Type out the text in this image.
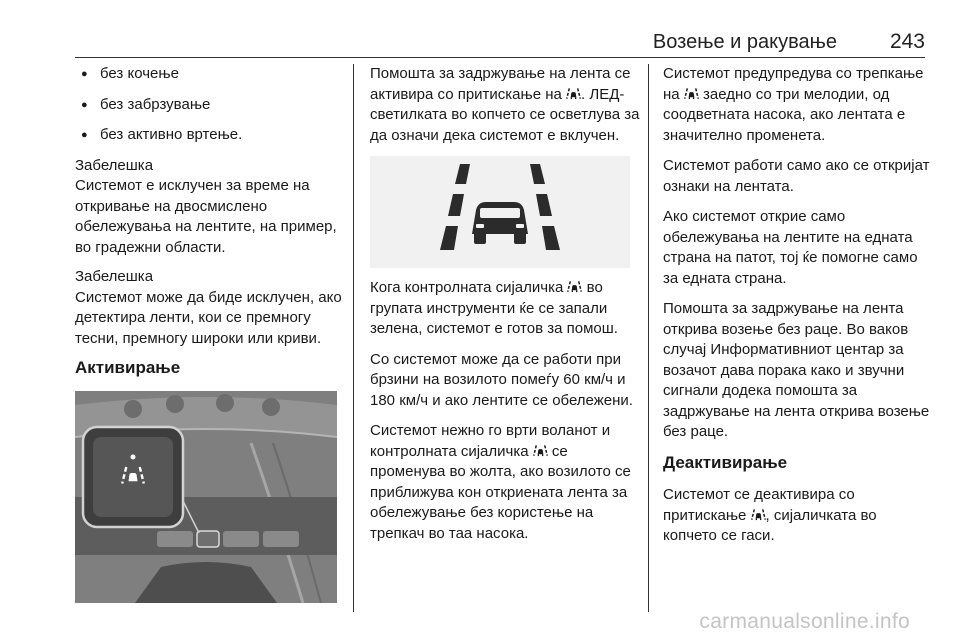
Возење и ракување	243
● без кочење
● без забрзување
● без активно вртење.
Забелешка
Системот е исклучен за време на откривање на двосмислено обележувања на лентите, на пример, во градежни области.
Забелешка
Системот може да биде исклучен, ако детектира ленти, кои се премногу тесни, премногу широки или криви.
Активирање

Помошта за задржување на лента се активира со притискање на . ЛЕД-светилката во копчето се осветлува за да означи дека системот е вклучен.

Кога контролната сијаличка во групата инструменти ќе се запали зелена, системот е готов за помош.

Со системот може да се работи при брзини на возилото помеѓу 60 км/ч и 180 км/ч и ако лентите се обележени.

Системот нежно го врти воланот и контролната сијаличка се променува во жолта, ако возилото се приближува кон откриената лента за обележување без користење на трепкач во таа насока.

Системот предупредува со трепкање на заедно со три мелодии, од соодветната насока, ако лентата е значително променета.

Системот работи само ако се откријат ознаки на лентата.

Ако системот открие само обележувања на лентите на едната страна на патот, тој ќе помогне само за едната страна.

Помошта за задржување на лента открива возење без раце. Во ваков случај Информативниот центар за возачот дава порака како и звучни сигнали додека помошта за задржување на лента открива возење без раце.

Деактивирање

Системот се деактивира со притискање , сијаличката во копчето се гаси.

carmanualsonline.info
